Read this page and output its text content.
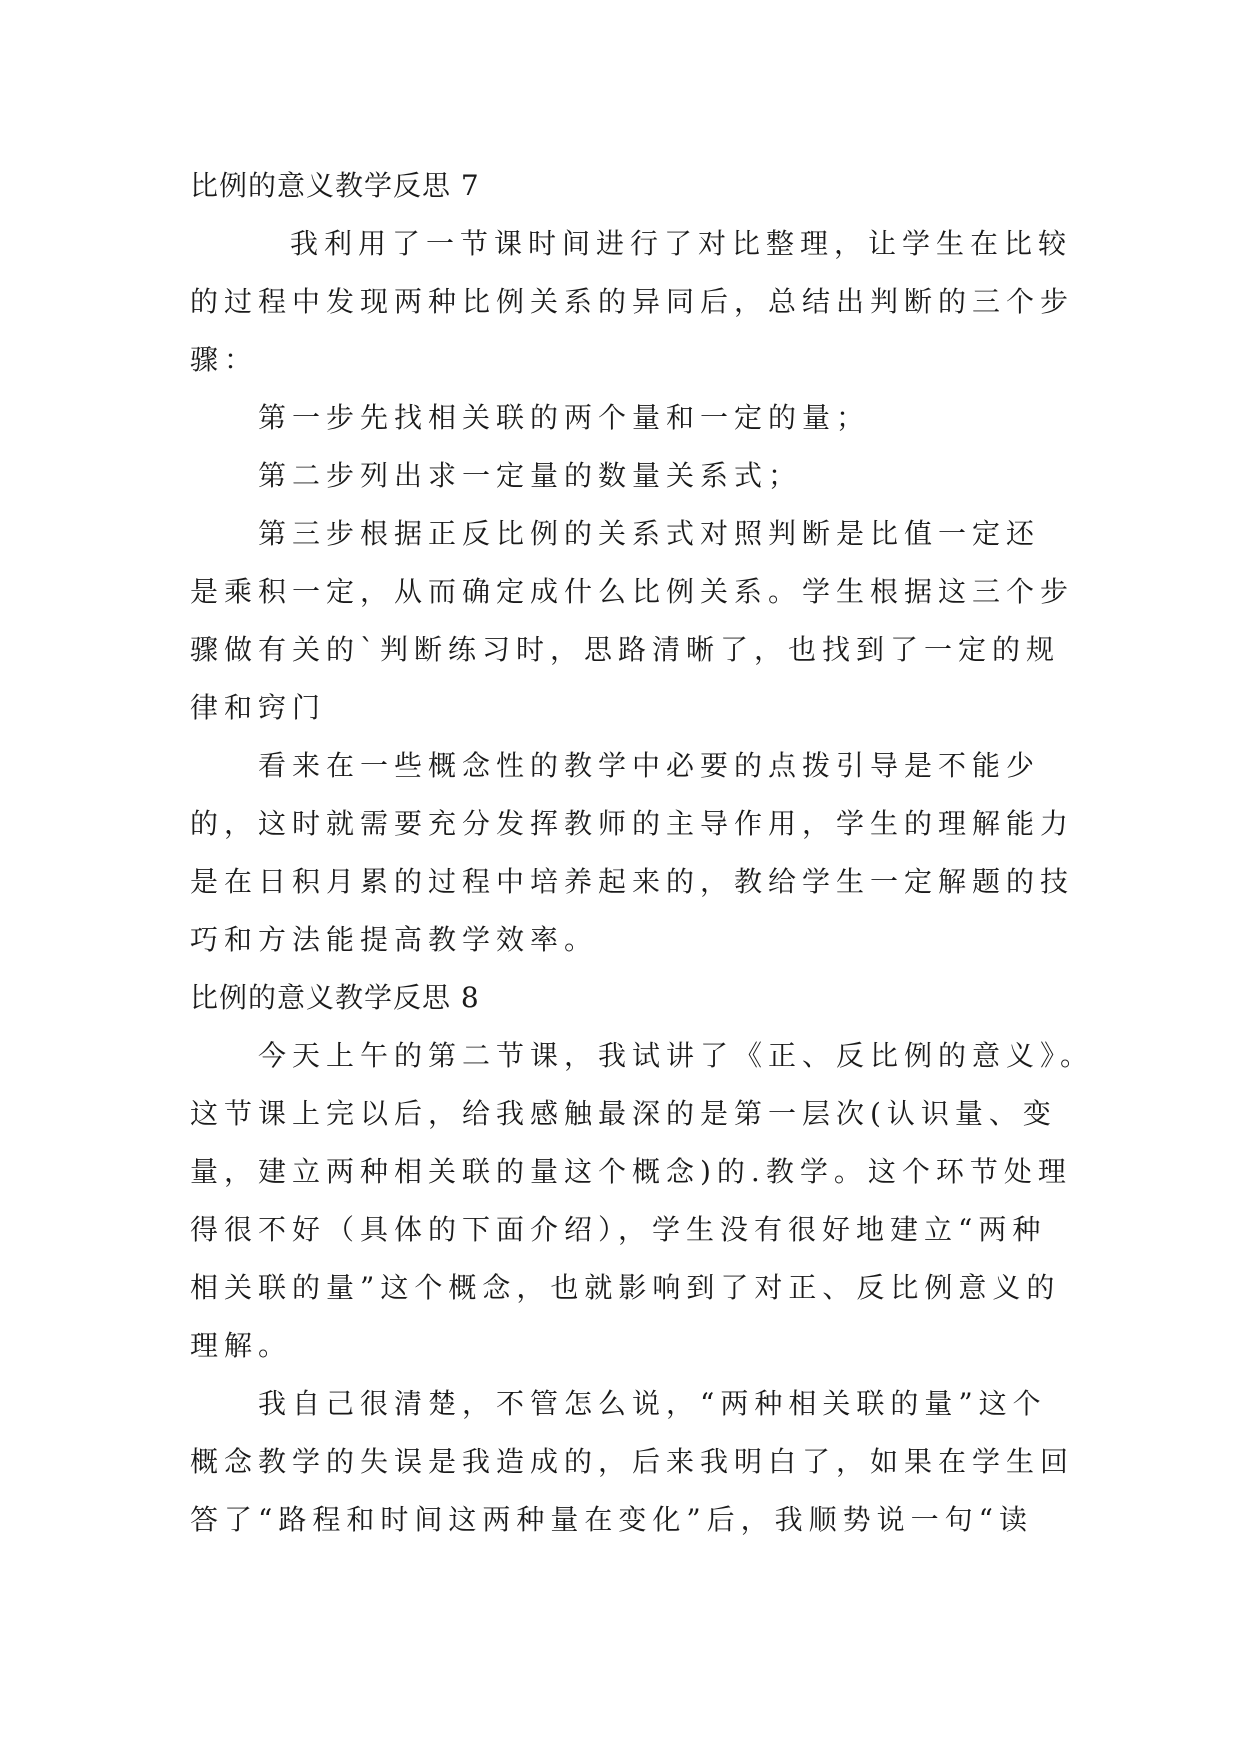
比例的意义教学反思 7

我利用了一节课时间进行了对比整理，让学生在比较

的过程中发现两种比例关系的异同后，总结出判断的三个步

骤：

第一步先找相关联的两个量和一定的量；

第二步列出求一定量的数量关系式；

第三步根据正反比例的关系式对照判断是比值一定还

是乘积一定，从而确定成什么比例关系。学生根据这三个步

骤做有关的`判断练习时，思路清晰了，也找到了一定的规

律和窍门

看来在一些概念性的教学中必要的点拨引导是不能少

的，这时就需要充分发挥教师的主导作用，学生的理解能力

是在日积月累的过程中培养起来的，教给学生一定解题的技

巧和方法能提高教学效率。

比例的意义教学反思 8

今天上午的第二节课，我试讲了《正、反比例的意义》。

这节课上完以后，给我感触最深的是第一层次(认识量、变

量，建立两种相关联的量这个概念)的.教学。这个环节处理

得很不好（具体的下面介绍），学生没有很好地建立“两种

相关联的量”这个概念，也就影响到了对正、反比例意义的

理解。

我自己很清楚，不管怎么说，“两种相关联的量”这个

概念教学的失误是我造成的，后来我明白了，如果在学生回

答了“路程和时间这两种量在变化”后，我顺势说一句“读
